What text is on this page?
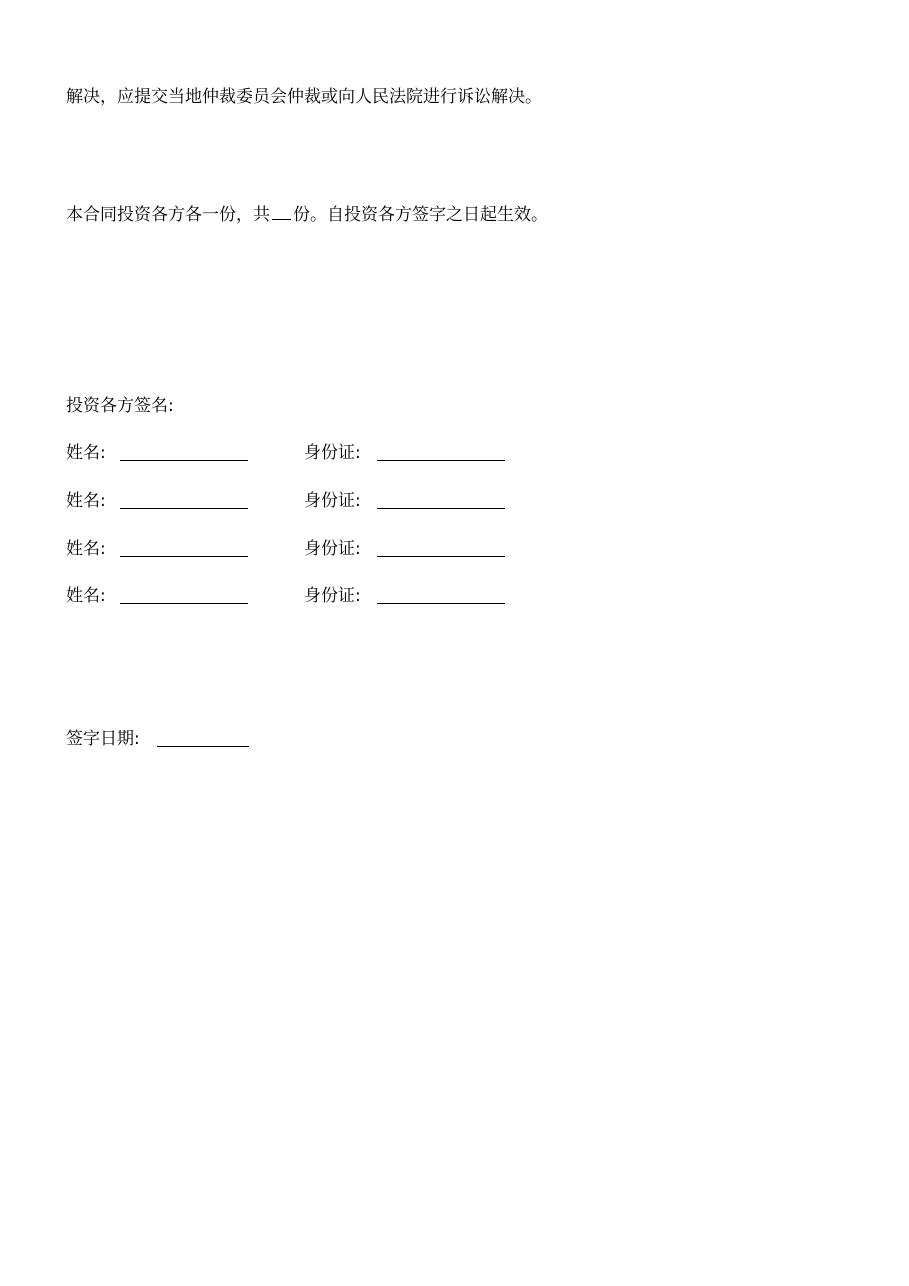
解决，应提交当地仲裁委员会仲裁或向人民法院进行诉讼解决。
本合同投资各方各一份，共 份。自投资各方签字之日起生效。
投资各方签名:
姓名:	身份证:
姓名:	身份证:
姓名:	身份证:
姓名:	身份证:
签字日期:
